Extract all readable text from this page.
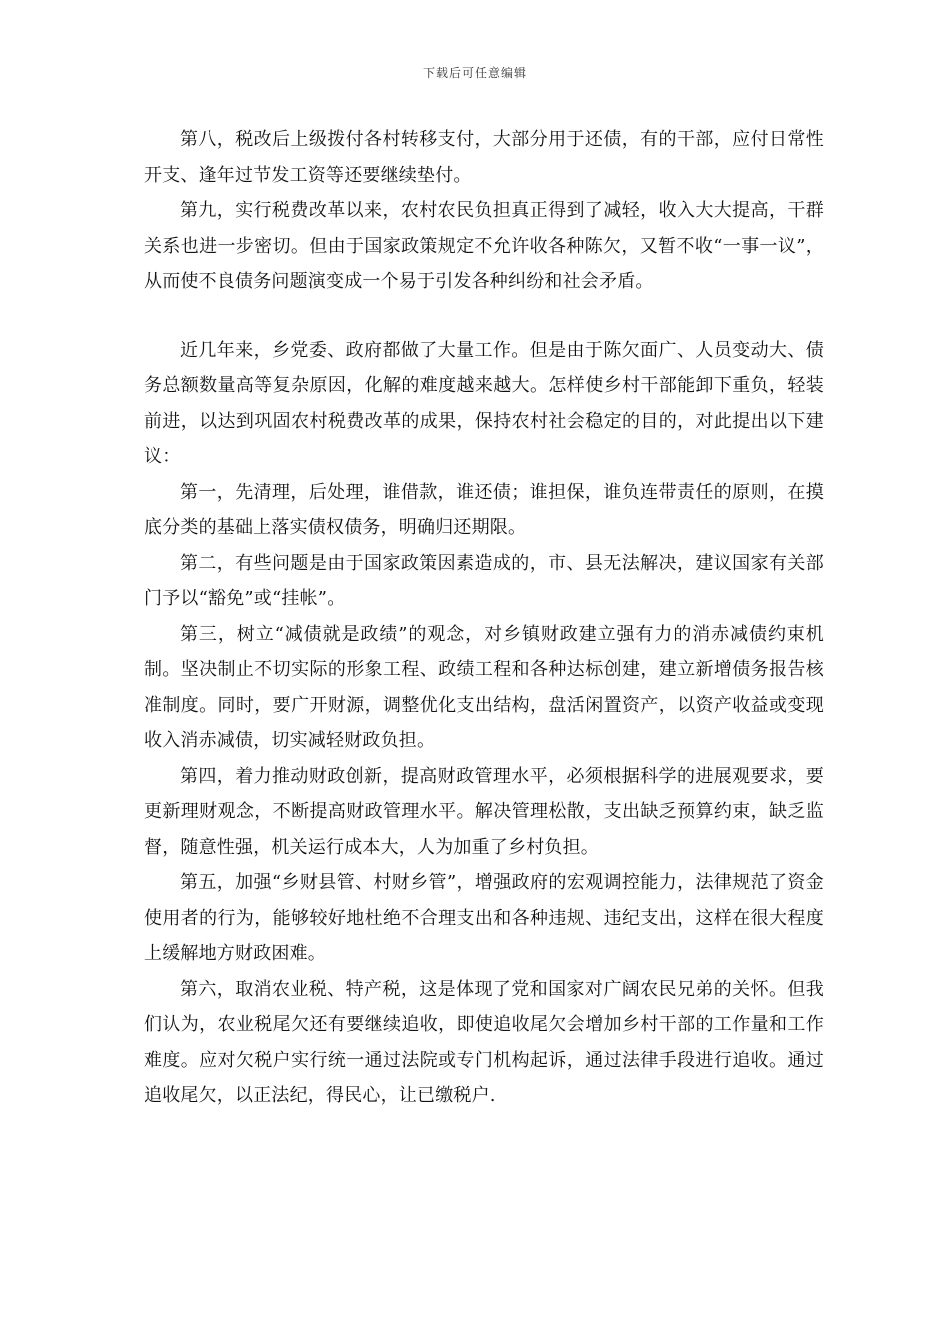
下载后可任意编辑

第八，税改后上级拨付各村转移支付，大部分用于还债，有的干部，应付日常性开支、逢年过节发工资等还要继续垫付。

第九，实行税费改革以来，农村农民负担真正得到了减轻，收入大大提高，干群关系也进一步密切。但由于国家政策规定不允许收各种陈欠，又暂不收“一事一议”，从而使不良债务问题演变成一个易于引发各种纠纷和社会矛盾。

近几年来，乡党委、政府都做了大量工作。但是由于陈欠面广、人员变动大、债务总额数量高等复杂原因，化解的难度越来越大。怎样使乡村干部能卸下重负，轻装前进，以达到巩固农村税费改革的成果，保持农村社会稳定的目的，对此提出以下建议：

第一，先清理，后处理，谁借款，谁还债；谁担保，谁负连带责任的原则，在摸底分类的基础上落实债权债务，明确归还期限。

第二，有些问题是由于国家政策因素造成的，市、县无法解决，建议国家有关部门予以“豁免”或“挂帐”。

第三，树立“减债就是政绩”的观念，对乡镇财政建立强有力的消赤减债约束机制。坚决制止不切实际的形象工程、政绩工程和各种达标创建，建立新增债务报告核准制度。同时，要广开财源，调整优化支出结构，盘活闲置资产，以资产收益或变现收入消赤减债，切实减轻财政负担。

第四，着力推动财政创新，提高财政管理水平，必须根据科学的进展观要求，要更新理财观念，不断提高财政管理水平。解决管理松散，支出缺乏预算约束，缺乏监督，随意性强，机关运行成本大，人为加重了乡村负担。

第五，加强“乡财县管、村财乡管”，增强政府的宏观调控能力，法律规范了资金使用者的行为，能够较好地杜绝不合理支出和各种违规、违纪支出，这样在很大程度上缓解地方财政困难。

第六，取消农业税、特产税，这是体现了党和国家对广阔农民兄弟的关怀。但我们认为，农业税尾欠还有要继续追收，即使追收尾欠会增加乡村干部的工作量和工作难度。应对欠税户实行统一通过法院或专门机构起诉，通过法律手段进行追收。通过追收尾欠，以正法纪，得民心，让已缴税户.
